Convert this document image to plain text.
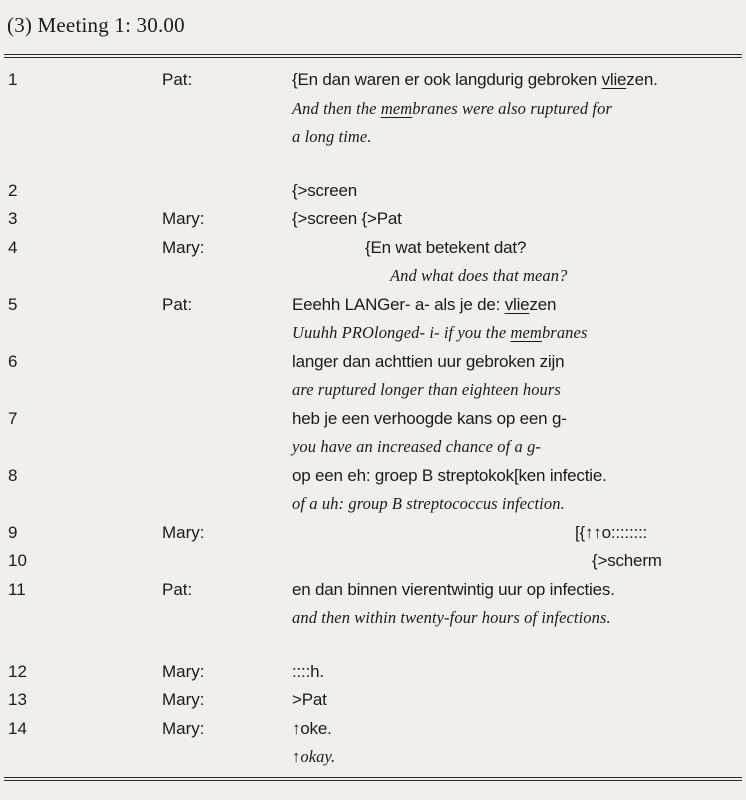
(3) Meeting 1: 30.00
1	Pat:	{En dan waren er ook langdurig gebroken vliezen.
And then the membranes were also ruptured for
a long time.
2	{>screen
3	Mary:	{>screen {>Pat
4	Mary:	{En wat betekent dat?
And what does that mean?
5	Pat:	Eeehh LANGer- a- als je de: vliezen
Uuuhh PROlonged- i- if you the membranes
6	langer dan achttien uur gebroken zijn
are ruptured longer than eighteen hours
7	heb je een verhoogde kans op een g-
you have an increased chance of a g-
8	op een eh: groep B streptokok[ken infectie.
of a uh: group B streptococcus infection.
9	Mary:	[{↑↑o::::::::
10	{>scherm
11	Pat:	en dan binnen vierentwintig uur op infecties.
and then within twenty-four hours of infections.
12	Mary:	::::h.
13	Mary:	>Pat
14	Mary:	↑oke.
↑okay.
